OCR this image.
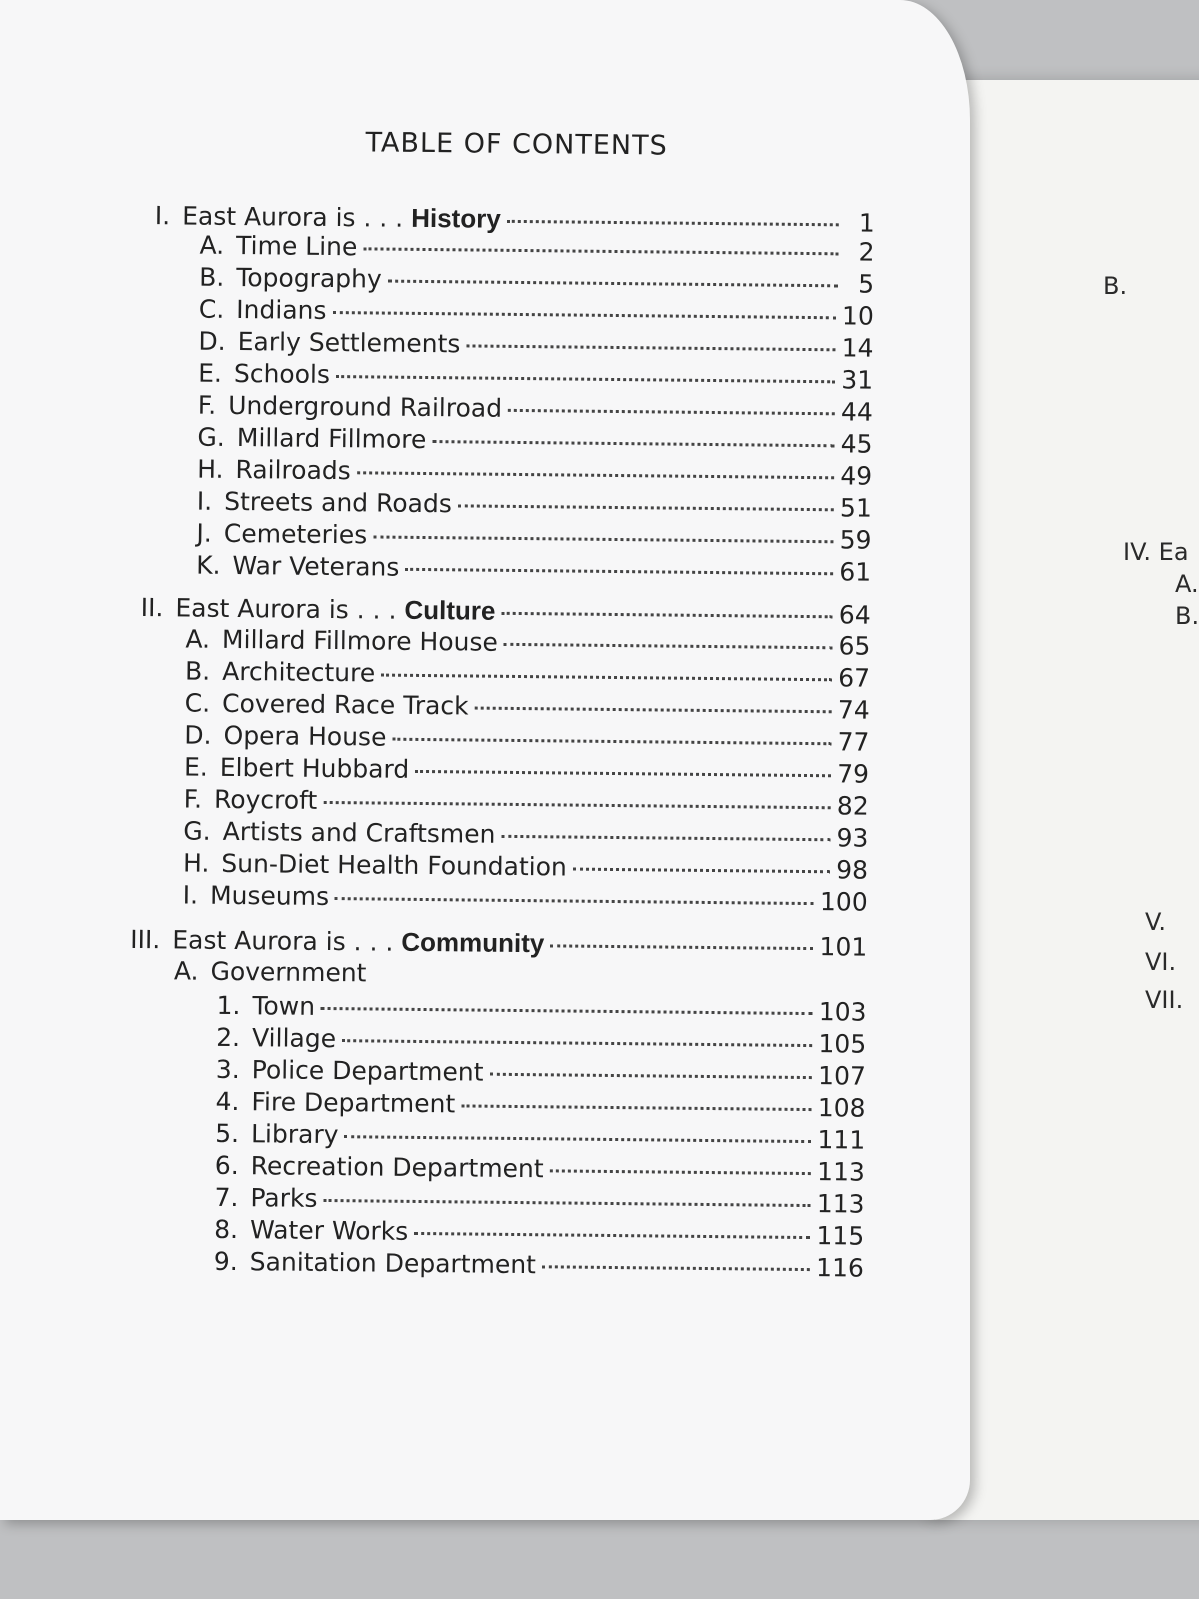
B.
IV. Ea
A.
B.
V.
VI.
VII.
TABLE OF CONTENTS
I. East Aurora is . . . History	1
A. Time Line	2
B. Topography	5
C. Indians	10
D. Early Settlements	14
E. Schools	31
F. Underground Railroad	44
G. Millard Fillmore	45
H. Railroads	49
I. Streets and Roads	51
J. Cemeteries	59
K. War Veterans	61
II. East Aurora is . . . Culture	64
A. Millard Fillmore House	65
B. Architecture	67
C. Covered Race Track	74
D. Opera House	77
E. Elbert Hubbard	79
F. Roycroft	82
G. Artists and Craftsmen	93
H. Sun-Diet Health Foundation	98
I. Museums	100
III. East Aurora is . . . Community	101
A. Government
1. Town	103
2. Village	105
3. Police Department	107
4. Fire Department	108
5. Library	111
6. Recreation Department	113
7. Parks	113
8. Water Works	115
9. Sanitation Department	116
